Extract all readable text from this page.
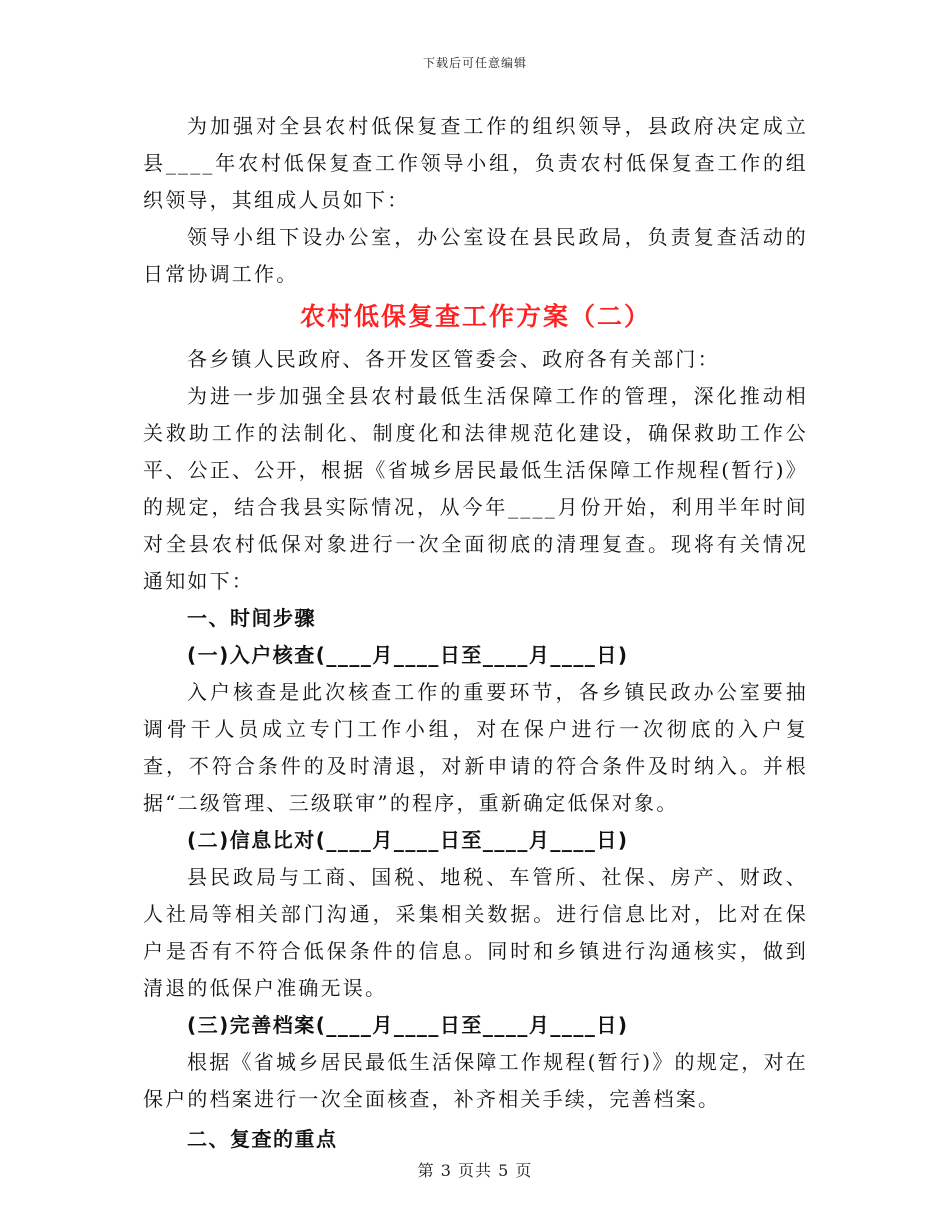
下载后可任意编辑

为加强对全县农村低保复查工作的组织领导，县政府决定成立县____年农村低保复查工作领导小组，负责农村低保复查工作的组织领导，其组成人员如下：

领导小组下设办公室，办公室设在县民政局，负责复查活动的日常协调工作。

农村低保复查工作方案（二）

各乡镇人民政府、各开发区管委会、政府各有关部门：

为进一步加强全县农村最低生活保障工作的管理，深化推动相关救助工作的法制化、制度化和法律规范化建设，确保救助工作公平、公正、公开，根据《省城乡居民最低生活保障工作规程(暂行)》的规定，结合我县实际情况，从今年____月份开始，利用半年时间对全县农村低保对象进行一次全面彻底的清理复查。现将有关情况通知如下：

一、时间步骤

(一)入户核查(____月____日至____月____日)

入户核查是此次核查工作的重要环节，各乡镇民政办公室要抽调骨干人员成立专门工作小组，对在保户进行一次彻底的入户复查，不符合条件的及时清退，对新申请的符合条件及时纳入。并根据“二级管理、三级联审”的程序，重新确定低保对象。

(二)信息比对(____月____日至____月____日)

县民政局与工商、国税、地税、车管所、社保、房产、财政、人社局等相关部门沟通，采集相关数据。进行信息比对，比对在保户是否有不符合低保条件的信息。同时和乡镇进行沟通核实，做到清退的低保户准确无误。

(三)完善档案(____月____日至____月____日)

根据《省城乡居民最低生活保障工作规程(暂行)》的规定，对在保户的档案进行一次全面核查，补齐相关手续，完善档案。

二、复查的重点

第 3 页共 5 页
